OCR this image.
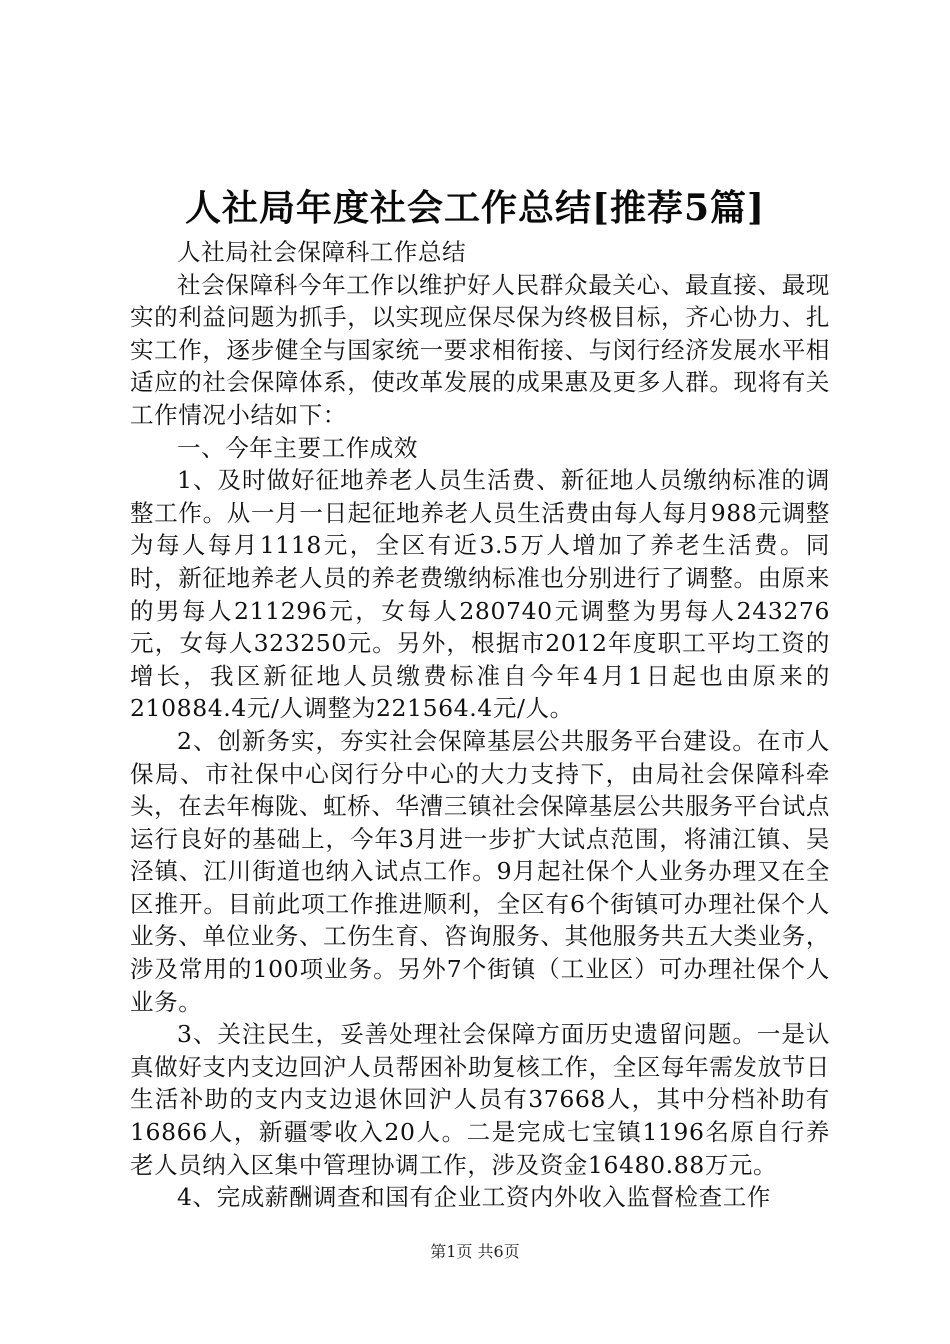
人社局年度社会工作总结[推荐5篇]

人社局社会保障科工作总结

社会保障科今年工作以维护好人民群众最关心、最直接、最现实的利益问题为抓手，以实现应保尽保为终极目标，齐心协力、扎实工作，逐步健全与国家统一要求相衔接、与闵行经济发展水平相适应的社会保障体系，使改革发展的成果惠及更多人群。现将有关工作情况小结如下：

一、今年主要工作成效

1、及时做好征地养老人员生活费、新征地人员缴纳标准的调整工作。从一月一日起征地养老人员生活费由每人每月988元调整为每人每月1118元，全区有近3.5万人增加了养老生活费。同时，新征地养老人员的养老费缴纳标准也分别进行了调整。由原来的男每人211296元，女每人280740元调整为男每人243276元，女每人323250元。另外，根据市2012年度职工平均工资的增长，我区新征地人员缴费标准自今年4月1日起也由原来的210884.4元/人调整为221564.4元/人。

2、创新务实，夯实社会保障基层公共服务平台建设。在市人保局、市社保中心闵行分中心的大力支持下，由局社会保障科牵头，在去年梅陇、虹桥、华漕三镇社会保障基层公共服务平台试点运行良好的基础上，今年3月进一步扩大试点范围，将浦江镇、吴泾镇、江川街道也纳入试点工作。9月起社保个人业务办理又在全区推开。目前此项工作推进顺利，全区有6个街镇可办理社保个人业务、单位业务、工伤生育、咨询服务、其他服务共五大类业务，涉及常用的100项业务。另外7个街镇（工业区）可办理社保个人业务。

3、关注民生，妥善处理社会保障方面历史遗留问题。一是认真做好支内支边回沪人员帮困补助复核工作，全区每年需发放节日生活补助的支内支边退休回沪人员有37668人，其中分档补助有16866人，新疆零收入20人。二是完成七宝镇1196名原自行养老人员纳入区集中管理协调工作，涉及资金16480.88万元。

4、完成薪酬调查和国有企业工资内外收入监督检查工作

第1页 共6页
